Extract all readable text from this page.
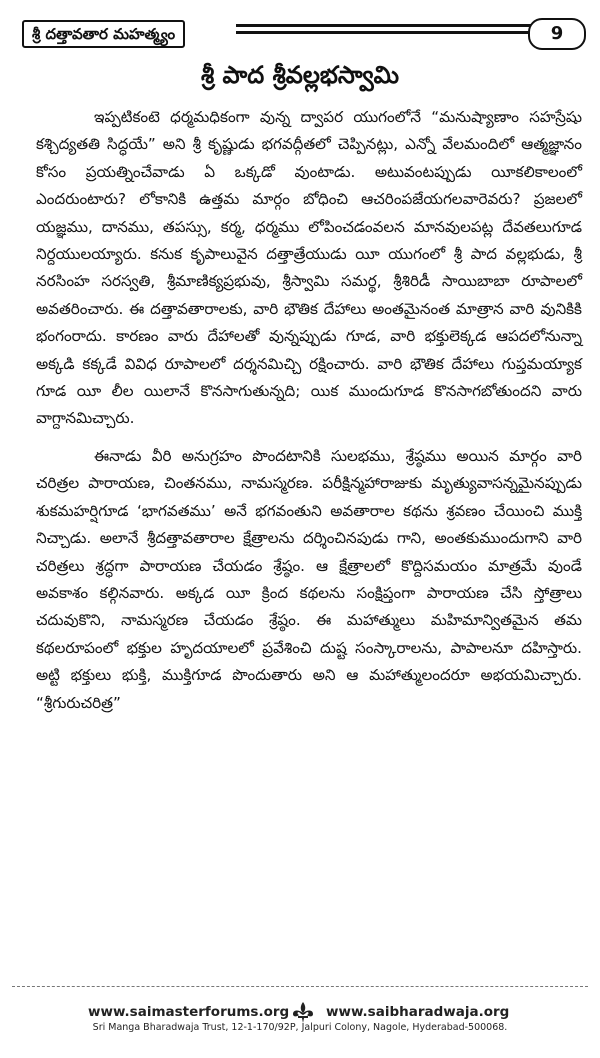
శ్రీ దత్తావతార మహత్మ్యం	9
శ్రీ పాద శ్రీవల్లభస్వామి

ఇప్పటికంటె ధర్మమధికంగా వున్న ద్వాపర యుగంలోనే “మనుష్యాణాం సహస్రేషు కశ్చిద్యతతి సిద్ధయే” అని శ్రీ కృష్ణుడు భగవద్గీతలో చెప్పినట్లు, ఎన్నో వేలమందిలో ఆత్మజ్ఞానం కోసం ప్రయత్నించేవాడు ఏ ఒక్కడో వుంటాడు. అటువంటప్పుడు యీకలికాలంలో ఎందరుంటారు? లోకానికి ఉత్తమ మార్గం బోధించి ఆచరింపజేయగలవారెవరు? ప్రజలలో యజ్ఞము, దానము, తపస్సు, కర్మ, ధర్మము లోపించడంవలన మానవులపట్ల దేవతలుగూడ నిర్దయులయ్యారు. కనుక కృపాలువైన దత్తాత్రేయుడు యీ యుగంలో శ్రీ పాద వల్లభుడు, శ్రీ నరసింహ సరస్వతి, శ్రీమాణిక్యప్రభువు, శ్రీస్వామి సమర్థ, శ్రీశిరిడీ సాయిబాబా రూపాలలో అవతరించారు. ఈ దత్తావతారాలకు, వారి భౌతిక దేహాలు అంతమైనంత మాత్రాన వారి వునికికి భంగంరాదు. కారణం వారు దేహాలతో వున్నప్పుడు గూడ, వారి భక్తులెక్కడ ఆపదలోనున్నా అక్కడి కక్కడే వివిధ రూపాలలో దర్శనమిచ్చి రక్షించారు. వారి భౌతిక దేహాలు గుప్తమయ్యాక గూడ యీ లీల యిలానే కొనసాగుతున్నది; యిక ముందుగూడ కొనసాగబోతుందని వారు వాగ్దానమిచ్చారు.

ఈనాడు వీరి అనుగ్రహం పొందటానికి సులభము, శ్రేష్ఠము అయిన మార్గం వారి చరిత్రల పారాయణ, చింతనము, నామస్మరణ. పరీక్షిన్మహారాజుకు మృత్యువాసన్నమైనప్పుడు శుకమహర్షిగూడ ‘భాగవతము’ అనే భగవంతుని అవతారాల కథను శ్రవణం చేయించి ముక్తి నిచ్చాడు. అలానే శ్రీదత్తావతారాల క్షేత్రాలను దర్శించినపుడు గాని, అంతకుముందుగాని వారి చరిత్రలు శ్రద్ధగా పారాయణ చేయడం శ్రేష్ఠం. ఆ క్షేత్రాలలో కొద్దిసమయం మాత్రమే వుండే అవకాశం కల్గినవారు. అక్కడ యీ క్రింద కథలను సంక్షిప్తంగా పారాయణ చేసి స్తోత్రాలు చదువుకొని, నామస్మరణ చేయడం శ్రేష్ఠం. ఈ మహాత్ములు మహిమాన్వితమైన తమ కథలరూపంలో భక్తుల హృదయాలలో ప్రవేశించి దుష్ట సంస్కారాలను, పాపాలనూ దహిస్తారు. అట్టి భక్తులు భుక్తి, ముక్తిగూడ పొందుతారు అని ఆ మహాత్ములందరూ అభయమిచ్చారు. “శ్రీగురుచరిత్ర”

www.saimasterforums.org	www.saibharadwaja.org
Sri Manga Bharadwaja Trust, 12-1-170/92P, Jalpuri Colony, Nagole, Hyderabad-500068.
